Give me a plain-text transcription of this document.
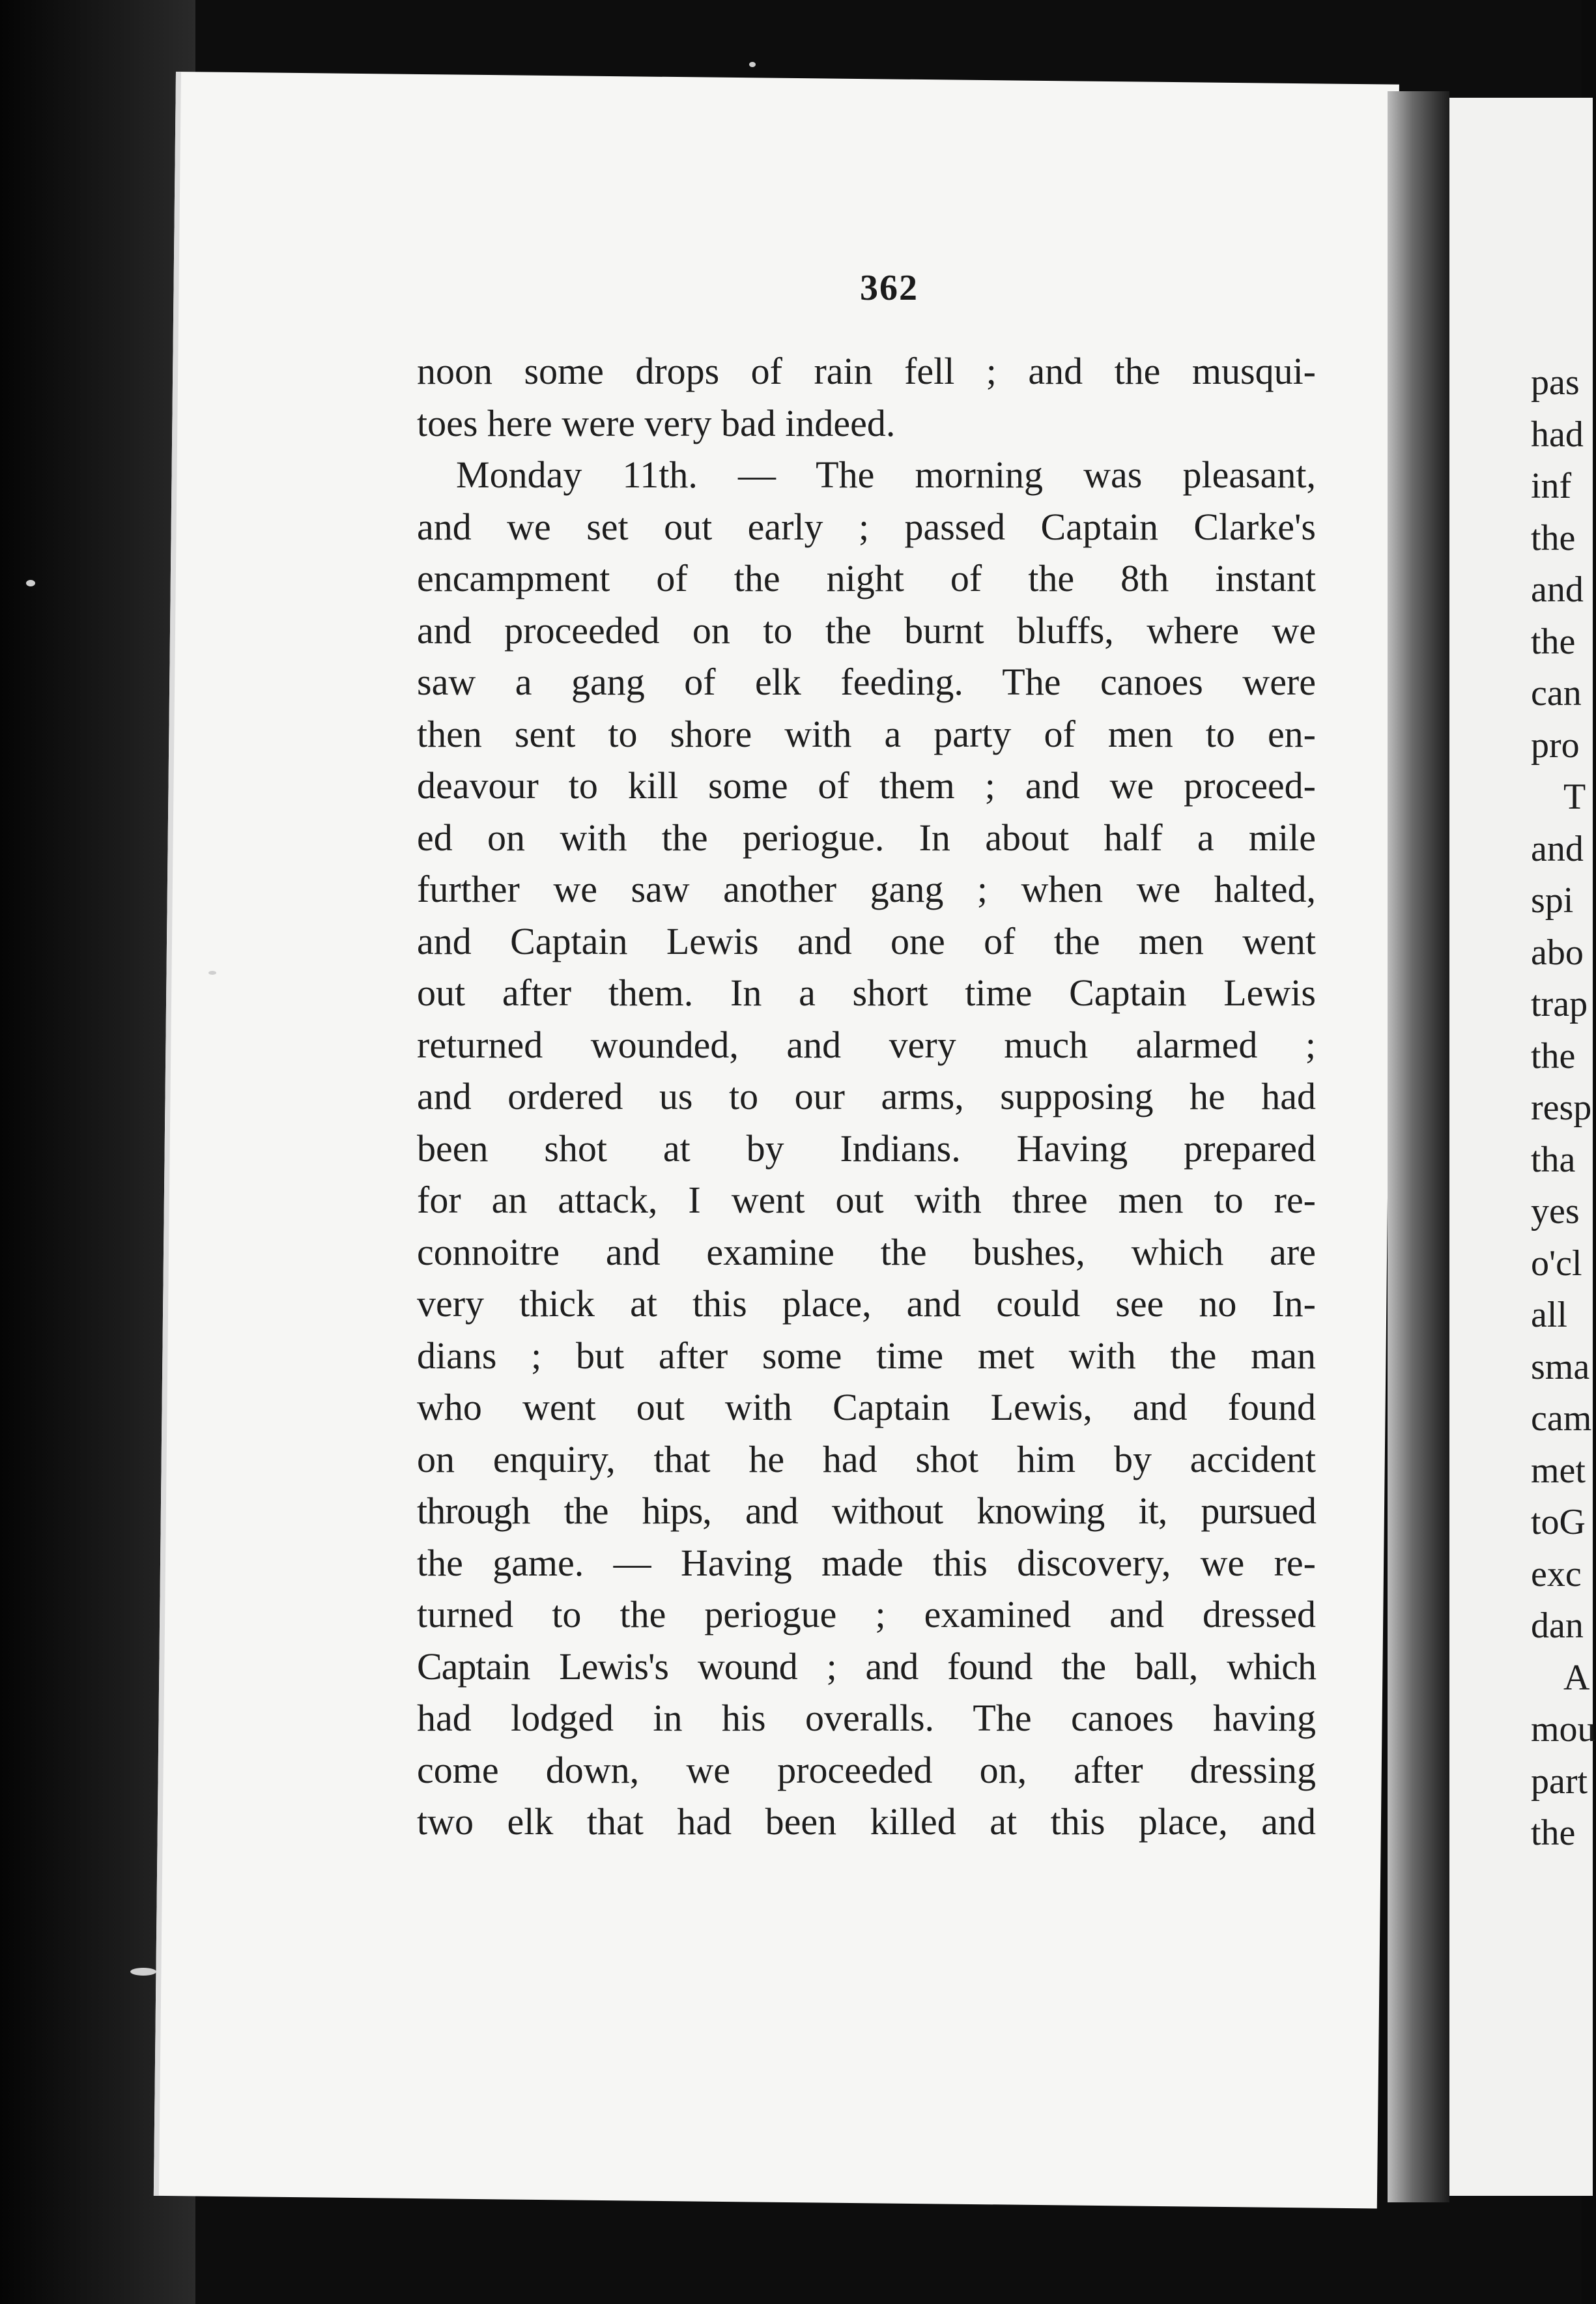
362
noon some drops of rain fell ; and the musqui-
toes here were very bad indeed.
Monday 11th. — The morning was pleasant,
and we set out early ; passed Captain Clarke's
encampment of the night of the 8th instant
and proceeded on to the burnt bluffs, where we
saw a gang of elk feeding. The canoes were
then sent to shore with a party of men to en-
deavour to kill some of them ; and we proceed-
ed on with the periogue. In about half a mile
further we saw another gang ; when we halted,
and Captain Lewis and one of the men went
out after them. In a short time Captain Lewis
returned wounded, and very much alarmed ;
and ordered us to our arms, supposing he had
been shot at by Indians. Having prepared
for an attack, I went out with three men to re-
connoitre and examine the bushes, which are
very thick at this place, and could see no In-
dians ; but after some time met with the man
who went out with Captain Lewis, and found
on enquiry, that he had shot him by accident
through the hips, and without knowing it, pursued
the game. — Having made this discovery, we re-
turned to the periogue ; examined and dressed
Captain Lewis's wound ; and found the ball, which
had lodged in his overalls. The canoes having
come down, we proceeded on, after dressing
two elk that had been killed at this place, and
pas
had
inf
the
and
the
can
pro
T
and
spi
abo
trap
the
resp
tha
yes
o'cl
all
sma
cam
met
toG
exc
dan
A
mou
part
the
